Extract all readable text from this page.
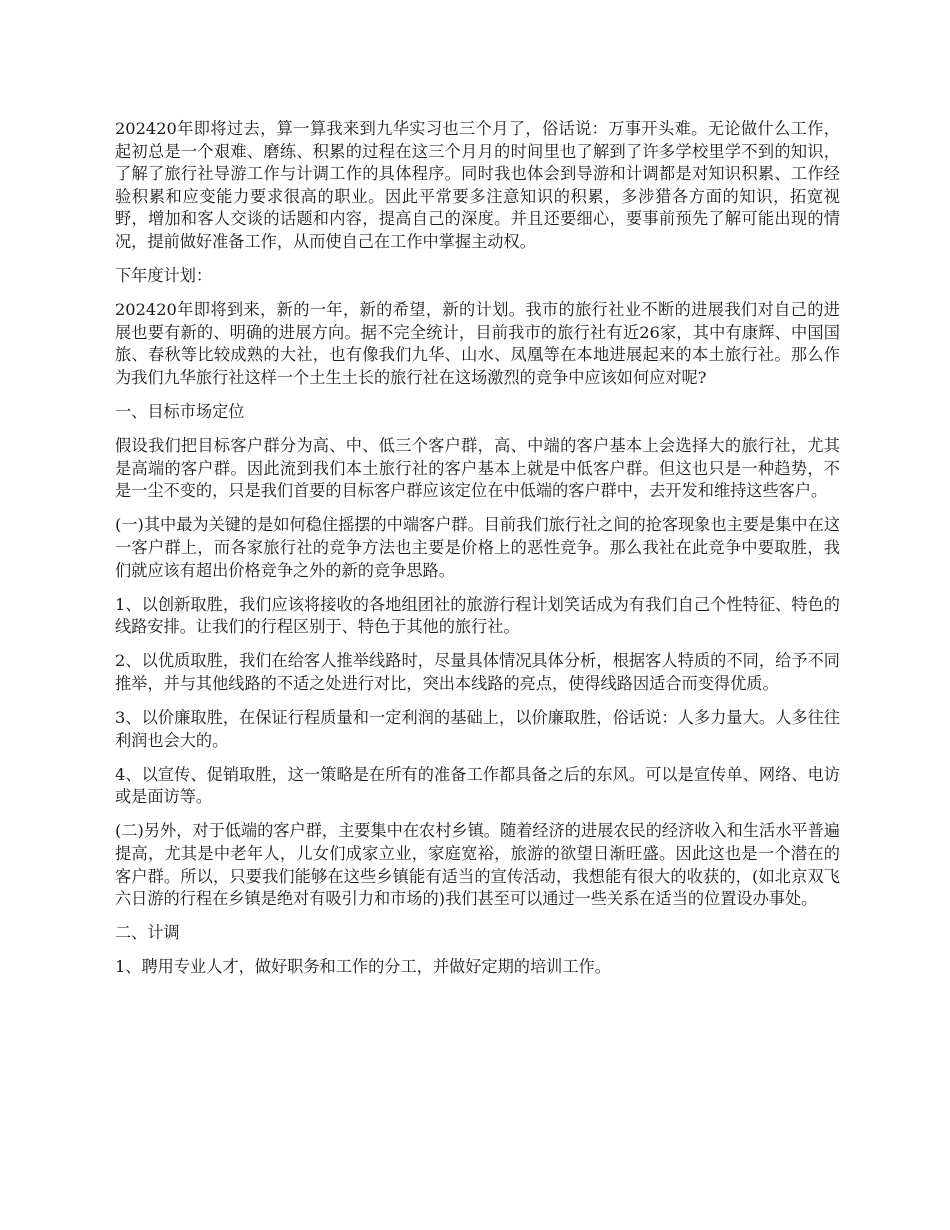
202420年即将过去，算一算我来到九华实习也三个月了，俗话说：万事开头难。无论做什么工作，起初总是一个艰难、磨练、积累的过程在这三个月月的时间里也了解到了许多学校里学不到的知识，了解了旅行社导游工作与计调工作的具体程序。同时我也体会到导游和计调都是对知识积累、工作经验积累和应变能力要求很高的职业。因此平常要多注意知识的积累，多涉猎各方面的知识，拓宽视野，增加和客人交谈的话题和内容，提高自己的深度。并且还要细心，要事前预先了解可能出现的情况，提前做好准备工作，从而使自己在工作中掌握主动权。

下年度计划：

202420年即将到来，新的一年，新的希望，新的计划。我市的旅行社业不断的进展我们对自己的进展也要有新的、明确的进展方向。据不完全统计，目前我市的旅行社有近26家，其中有康辉、中国国旅、春秋等比较成熟的大社，也有像我们九华、山水、凤凰等在本地进展起来的本土旅行社。那么作为我们九华旅行社这样一个土生土长的旅行社在这场激烈的竞争中应该如何应对呢?

一、目标市场定位

假设我们把目标客户群分为高、中、低三个客户群，高、中端的客户基本上会选择大的旅行社，尤其是高端的客户群。因此流到我们本土旅行社的客户基本上就是中低客户群。但这也只是一种趋势，不是一尘不变的，只是我们首要的目标客户群应该定位在中低端的客户群中，去开发和维持这些客户。

(一)其中最为关键的是如何稳住摇摆的中端客户群。目前我们旅行社之间的抢客现象也主要是集中在这一客户群上，而各家旅行社的竞争方法也主要是价格上的恶性竞争。那么我社在此竞争中要取胜，我们就应该有超出价格竞争之外的新的竞争思路。

1、以创新取胜，我们应该将接收的各地组团社的旅游行程计划笑话成为有我们自己个性特征、特色的线路安排。让我们的行程区别于、特色于其他的旅行社。

2、以优质取胜，我们在给客人推举线路时，尽量具体情况具体分析，根据客人特质的不同，给予不同推举，并与其他线路的不适之处进行对比，突出本线路的亮点，使得线路因适合而变得优质。

3、以价廉取胜，在保证行程质量和一定利润的基础上，以价廉取胜，俗话说：人多力量大。人多往往利润也会大的。

4、以宣传、促销取胜，这一策略是在所有的准备工作都具备之后的东风。可以是宣传单、网络、电访或是面访等。

(二)另外，对于低端的客户群，主要集中在农村乡镇。随着经济的进展农民的经济收入和生活水平普遍提高，尤其是中老年人，儿女们成家立业，家庭宽裕，旅游的欲望日渐旺盛。因此这也是一个潜在的客户群。所以，只要我们能够在这些乡镇能有适当的宣传活动，我想能有很大的收获的，(如北京双飞六日游的行程在乡镇是绝对有吸引力和市场的)我们甚至可以通过一些关系在适当的位置设办事处。

二、计调

1、聘用专业人才，做好职务和工作的分工，并做好定期的培训工作。
